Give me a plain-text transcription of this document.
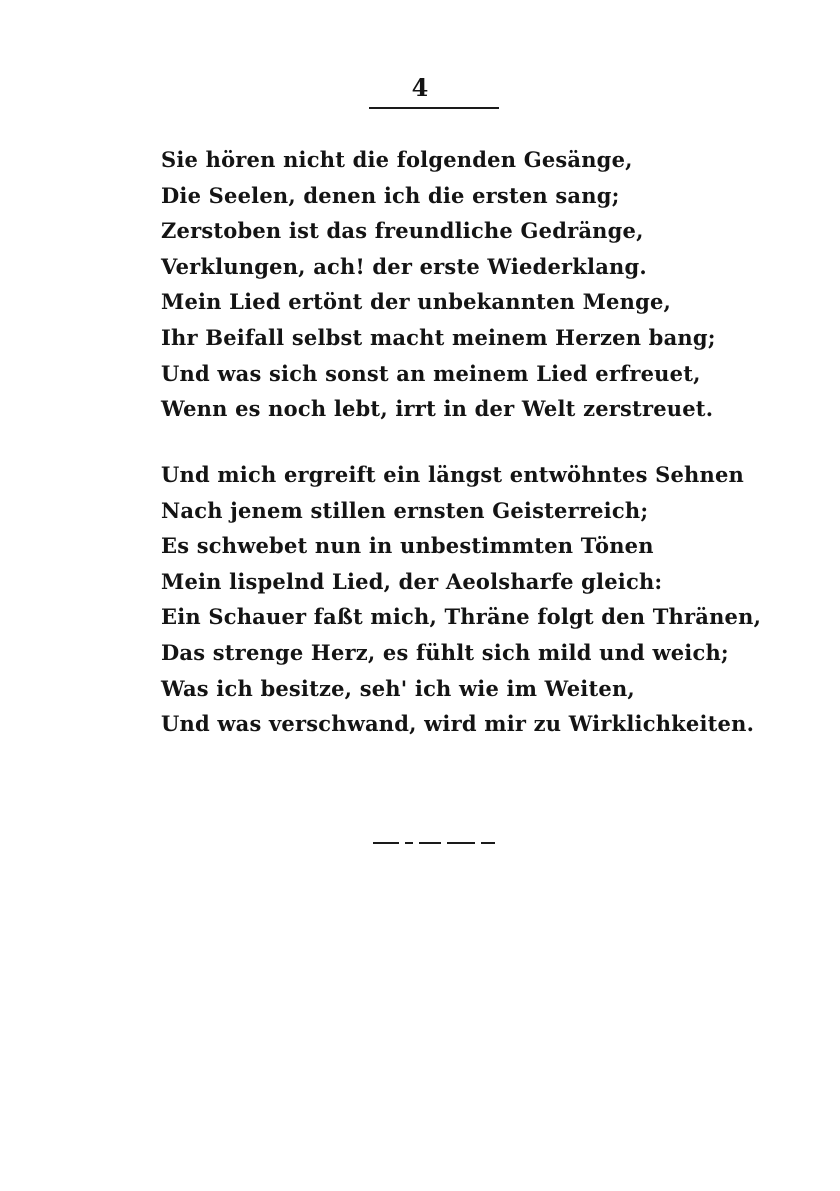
4
Sie hören nicht die folgenden Gesänge,
Die Seelen, denen ich die ersten sang;
Zerstoben ist das freundliche Gedränge,
Verklungen, ach! der erste Wiederklang.
Mein Lied ertönt der unbekannten Menge,
Ihr Beifall selbst macht meinem Herzen bang;
Und was sich sonst an meinem Lied erfreuet,
Wenn es noch lebt, irrt in der Welt zerstreuet.
Und mich ergreift ein längst entwöhntes Sehnen
Nach jenem stillen ernsten Geisterreich;
Es schwebet nun in unbestimmten Tönen
Mein lispelnd Lied, der Aeolsharfe gleich:
Ein Schauer faßt mich, Thräne folgt den Thränen,
Das strenge Herz, es fühlt sich mild und weich;
Was ich besitze, seh' ich wie im Weiten,
Und was verschwand, wird mir zu Wirklichkeiten.
